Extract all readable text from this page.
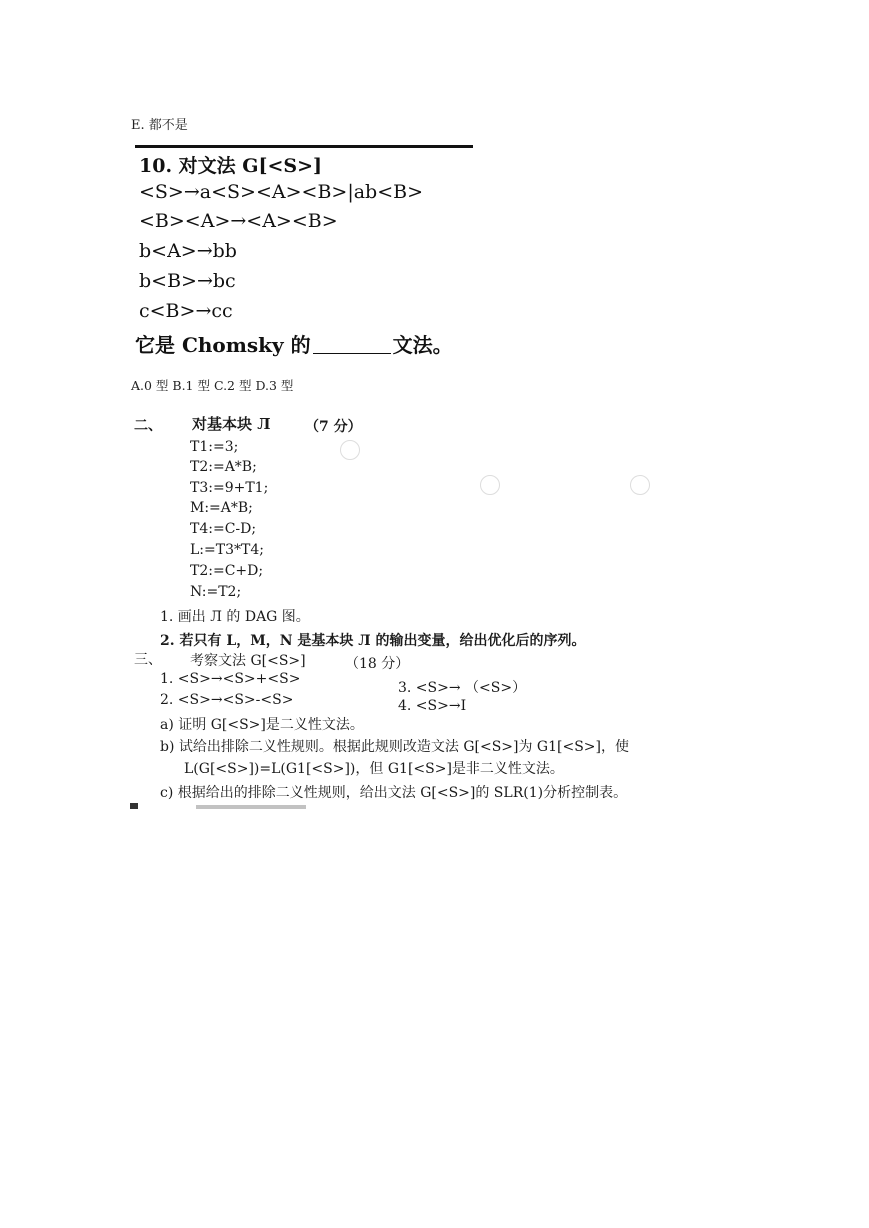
E. 都不是
10. 对文法 G[<S>]
<S>→a<S><A><B>|ab<B>
<B><A>→<A><B>
b<A>→bb
b<B>→bc
c<B>→cc
它是 Chomsky 的	文法。
A.0 型 B.1 型 C.2 型 D.3 型
二、 对基本块 Л （7 分）
T1:=3;
T2:=A*B;
T3:=9+T1;
M:=A*B;
T4:=C-D;
L:=T3*T4;
T2:=C+D;
N:=T2;
1. 画出 Л 的 DAG 图。
2. 若只有 L，M，N 是基本块 Л 的输出变量，给出优化后的序列。
三、 考察文法 G[<S>]	（18 分）
1. <S>→<S>+<S>
2. <S>→<S>-<S>
3. <S>→ （<S>）
4. <S>→I
a) 证明 G[<S>]是二义性文法。
b) 试给出排除二义性规则。根据此规则改造文法 G[<S>]为 G1[<S>]，使
L(G[<S>])=L(G1[<S>])，但 G1[<S>]是非二义性文法。
c) 根据给出的排除二义性规则，给出文法 G[<S>]的 SLR(1)分析控制表。
